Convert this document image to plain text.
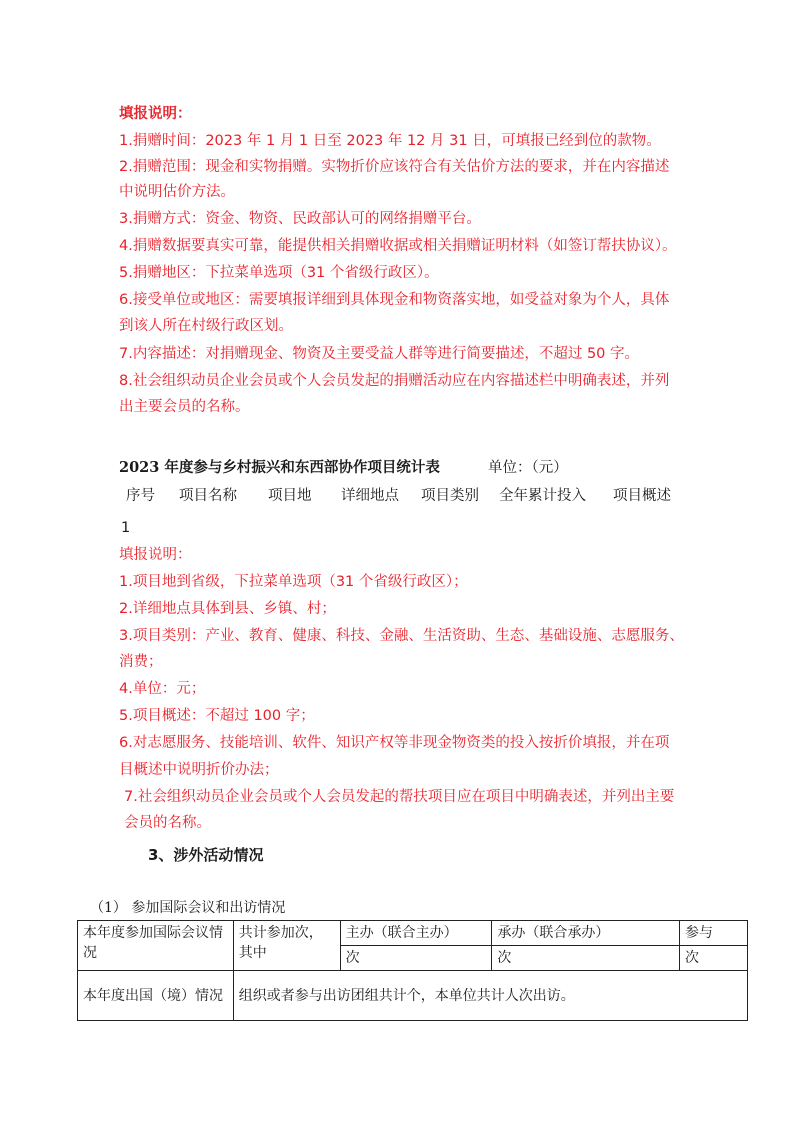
填报说明：
1.捐赠时间：2023 年 1 月 1 日至 2023 年 12 月 31 日，可填报已经到位的款物。
2.捐赠范围：现金和实物捐赠。实物折价应该符合有关估价方法的要求，并在内容描述
中说明估价方法。
3.捐赠方式：资金、物资、民政部认可的网络捐赠平台。
4.捐赠数据要真实可靠，能提供相关捐赠收据或相关捐赠证明材料（如签订帮扶协议）。
5.捐赠地区：下拉菜单选项（31 个省级行政区）。
6.接受单位或地区：需要填报详细到具体现金和物资落实地，如受益对象为个人，具体
到该人所在村级行政区划。
7.内容描述：对捐赠现金、物资及主要受益人群等进行简要描述，不超过 50 字。
8.社会组织动员企业会员或个人会员发起的捐赠活动应在内容描述栏中明确表述，并列
出主要会员的名称。
2023 年度参与乡村振兴和东西部协作项目统计表	单位：（元）
序号 项目名称 项目地 详细地点 项目类别 全年累计投入 项目概述
1
填报说明：
1.项目地到省级，下拉菜单选项（31 个省级行政区）；
2.详细地点具体到县、乡镇、村；
3.项目类别：产业、教育、健康、科技、金融、生活资助、生态、基础设施、志愿服务、
消费；
4.单位：元；
5.项目概述：不超过 100 字；
6.对志愿服务、技能培训、软件、知识产权等非现金物资类的投入按折价填报，并在项
目概述中说明折价办法；
7.社会组织动员企业会员或个人会员发起的帮扶项目应在项目中明确表述，并列出主要
会员的名称。
3、涉外活动情况
（1） 参加国际会议和出访情况
本年度参加国际会议情况	共计参加次，其中	主办（联合主办）	承办（联合承办）	参与
		次	次	次
本年度出国（境）情况	组织或者参与出访团组共计个，本单位共计人次出访。			
